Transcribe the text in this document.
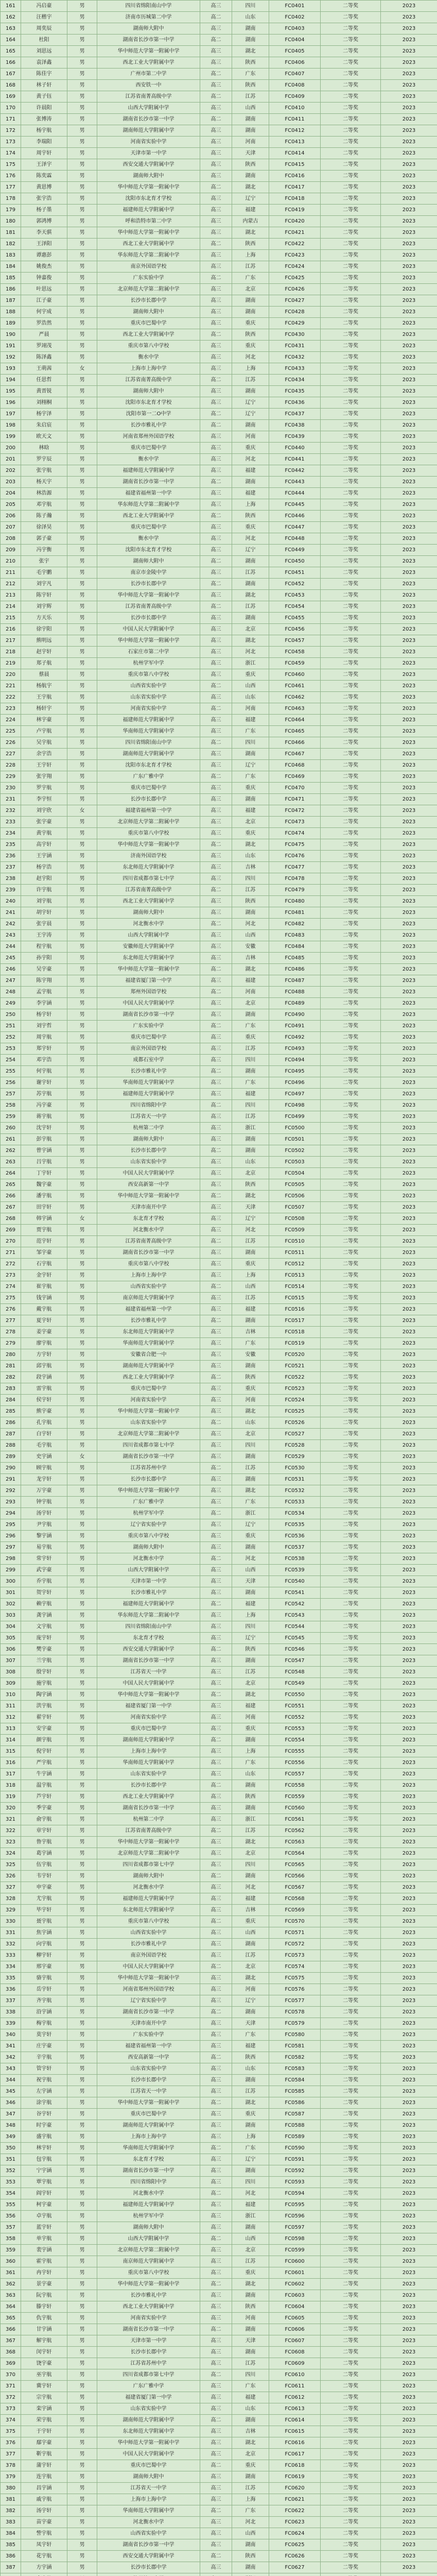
161	冯启豪	男	四川省绵阳南山中学	高三	四川	FC0401	二等奖	2023
162	汪楷宇	男	济南市历城第二中学	高二	山东	FC0402	二等奖	2023
163	周奕辰	男	湖南师大附中	高三	湖南	FC0403	二等奖	2023
164	杜阳	男	湖南省长沙市第一中学	高二	湖南	FC0404	二等奖	2023
165	刘思远	男	华中师范大学第一附属中学	高三	湖北	FC0405	二等奖	2023
166	袁泽鑫	男	西北工业大学附属中学	高三	陕西	FC0406	二等奖	2023
167	陈佳宇	男	广州市第二中学	高二	广东	FC0407	二等奖	2023
168	林子轩	男	西安铁一中	高三	陕西	FC0408	二等奖	2023
169	黄子钰	男	江苏省南菁高级中学	高二	江苏	FC0409	二等奖	2023
170	许晨阳	男	山西大学附属中学	高三	山西	FC0410	二等奖	2023
171	张博涛	男	湖南省长沙市第一中学	高二	湖南	FC0411	二等奖	2023
172	杨宇航	男	湖南师范大学附属中学	高三	湖南	FC0412	二等奖	2023
173	李瑞阳	男	河南省实验中学	高三	河南	FC0413	二等奖	2023
174	周宇轩	男	天津市第一中学	高三	天津	FC0414	二等奖	2023
175	王泽宇	男	西安交通大学附属中学	高三	陕西	FC0415	二等奖	2023
176	陈奕霖	男	湖南师大附中	高三	湖南	FC0416	二等奖	2023
177	黄思博	男	华中师范大学第一附属中学	高二	湖北	FC0417	二等奖	2023
178	张宇浩	男	沈阳市东北育才学校	高三	辽宁	FC0418	二等奖	2023
179	杨子墨	男	福建师范大学附属中学	高三	福建	FC0419	二等奖	2023
180	郭鸿博	男	呼和浩特市第二中学	高三	内蒙古	FC0420	二等奖	2023
181	李天骐	男	华中师范大学第一附属中学	高三	湖北	FC0421	二等奖	2023
182	王泽阳	男	西北工业大学附属中学	高二	陕西	FC0422	二等奖	2023
183	谭惠彭	男	华东师范大学第二附属中学	高三	上海	FC0423	二等奖	2023
184	姚俊杰	男	南京外国语学校	高三	江苏	FC0424	二等奖	2023
185	钟嘉俊	男	广东实验中学	高二	广东	FC0425	二等奖	2023
186	叶思远	男	北京师范大学第二附属中学	高三	北京	FC0426	二等奖	2023
187	江子豪	男	长沙市长郡中学	高三	湖南	FC0427	二等奖	2023
188	何宇成	男	湖南师大附中	高三	湖南	FC0428	二等奖	2023
189	罗浩然	男	重庆市巴蜀中学	高三	重庆	FC0429	二等奖	2023
190	严晨	男	西北工业大学附属中学	高二	陕西	FC0430	二等奖	2023
191	罗翊茂	男	重庆市第八中学校	高三	重庆	FC0431	二等奖	2023
192	陈泽鑫	男	衡水中学	高三	河北	FC0432	二等奖	2023
193	王萌茜	女	上海市上海中学	高三	上海	FC0433	二等奖	2023
194	任思哲	男	江苏省南菁高级中学	高二	江苏	FC0434	二等奖	2023
195	黄晋锐	男	湖南师大附中	高三	湖南	FC0435	二等奖	2023
196	刘栩桐	男	沈阳市东北育才学校	高三	辽宁	FC0436	二等奖	2023
197	杨宇泽	男	沈阳市第一二O中学	高二	辽宁	FC0437	二等奖	2023
198	朱启宸	男	长沙市雅礼中学	高二	湖南	FC0438	二等奖	2023
199	欧天文	男	河南省郑州外国语学校	高三	河南	FC0439	二等奖	2023
200	林晗	男	重庆市巴蜀中学	高三	重庆	FC0440	二等奖	2023
201	罗宇辰	男	衡水中学	高三	河北	FC0441	二等奖	2023
202	张宇航	男	福建师范大学附属中学	高三	福建	FC0442	二等奖	2023
203	杨天宇	男	湖南省长沙市第一中学	高二	湖南	FC0443	二等奖	2023
204	林浩源	男	福建省福州第一中学	高三	福建	FC0444	二等奖	2023
205	邓宇航	男	华东师范大学第二附属中学	高三	上海	FC0445	二等奖	2023
206	陈子瀚	男	西北工业大学附属中学	高二	陕西	FC0446	二等奖	2023
207	徐泽昊	男	重庆市巴蜀中学	高三	重庆	FC0447	二等奖	2023
208	郭子豪	男	衡水中学	高三	河北	FC0448	二等奖	2023
209	冯宇衡	男	沈阳市东北育才学校	高三	辽宁	FC0449	二等奖	2023
210	张宇	男	湖南师大附中	高二	湖南	FC0450	二等奖	2023
211	毛宇鹏	男	南京市金陵中学	高三	江苏	FC0451	二等奖	2023
212	刘宇凡	男	长沙市长郡中学	高二	湖南	FC0452	二等奖	2023
213	陈宇轩	男	华中师范大学第一附属中学	高三	湖北	FC0453	二等奖	2023
214	刘宇辉	男	江苏省南菁高级中学	高二	江苏	FC0454	二等奖	2023
215	方天乐	男	长沙市长郡中学	高三	湖南	FC0455	二等奖	2023
216	徐宇阳	男	中国人民大学附属中学	高三	北京	FC0456	二等奖	2023
217	熊明远	男	华中师范大学第一附属中学	高三	湖北	FC0457	二等奖	2023
218	赵宇轩	男	石家庄市第二中学	高三	河北	FC0458	二等奖	2023
219	郑子航	男	杭州学军中学	高三	浙江	FC0459	二等奖	2023
220	蔡晨	男	重庆市第八中学校	高三	重庆	FC0460	二等奖	2023
221	杨航宇	男	山西省实验中学	高二	山西	FC0461	二等奖	2023
222	王宇航	男	山东省实验中学	高三	山东	FC0462	二等奖	2023
223	杨轩宇	男	河南省实验中学	高二	河南	FC0463	二等奖	2023
224	林宇豪	男	福建师范大学附属中学	高三	福建	FC0464	二等奖	2023
225	卢宇航	男	华南师范大学附属中学	高三	广东	FC0465	二等奖	2023
226	吴宇航	男	四川省绵阳南山中学	高二	四川	FC0466	二等奖	2023
227	余宇浩	男	湖南师范大学附属中学	高三	湖南	FC0467	二等奖	2023
228	王宇轩	男	沈阳市东北育才学校	高三	辽宁	FC0468	二等奖	2023
229	张宇翔	男	广东广雅中学	高二	广东	FC0469	二等奖	2023
230	罗宇航	男	重庆市巴蜀中学	高三	重庆	FC0470	二等奖	2023
231	李宇恒	男	长沙市长郡中学	高三	湖南	FC0471	二等奖	2023
232	刘宇欣	女	福建省福州第一中学	高三	福建	FC0472	二等奖	2023
233	张宇豪	男	北京师范大学第二附属中学	高三	北京	FC0473	二等奖	2023
234	黄宇航	男	重庆市第八中学校	高三	重庆	FC0474	二等奖	2023
235	高宇轩	男	华中师范大学第一附属中学	高二	湖北	FC0475	二等奖	2023
236	王宇涵	男	济南外国语学校	高三	山东	FC0476	二等奖	2023
237	杨宇浩	男	东北师范大学附属中学	高三	吉林	FC0477	二等奖	2023
238	赵宇阳	男	四川省成都市第七中学	高三	四川	FC0478	二等奖	2023
239	许宇航	男	江苏省南菁高级中学	高二	江苏	FC0479	二等奖	2023
240	刘宇航	男	西北工业大学附属中学	高三	陕西	FC0480	二等奖	2023
241	胡宇轩	男	湖南师大附中	高三	湖南	FC0481	二等奖	2023
242	张宇晨	男	河北衡水中学	高二	河北	FC0482	二等奖	2023
243	王宇涛	男	山西大学附属中学	高三	山西	FC0483	二等奖	2023
244	程宇航	男	安徽师范大学附属中学	高三	安徽	FC0484	二等奖	2023
245	孙宇阳	男	东北师范大学附属中学	高三	吉林	FC0485	二等奖	2023
246	吴宇豪	男	华中师范大学第一附属中学	高二	湖北	FC0486	二等奖	2023
247	陈宇翔	男	福建省厦门第一中学	高三	福建	FC0487	二等奖	2023
248	孟宇航	男	郑州外国语学校	高二	河南	FC0488	二等奖	2023
249	李宇涵	男	中国人民大学附属中学	高三	北京	FC0489	二等奖	2023
250	杨宇轩	男	湖南省长沙市第一中学	高三	湖南	FC0490	二等奖	2023
251	刘宇哲	男	广东实验中学	高二	广东	FC0491	二等奖	2023
252	周宇航	男	重庆市巴蜀中学	高三	重庆	FC0492	二等奖	2023
253	郑宇轩	男	南京外国语学校	高三	江苏	FC0493	二等奖	2023
254	邓宇浩	男	成都石室中学	高三	四川	FC0494	二等奖	2023
255	何宇航	男	长沙市雅礼中学	高二	湖南	FC0495	二等奖	2023
256	谢宇轩	男	华南师范大学附属中学	高三	广东	FC0496	二等奖	2023
257	苏宇航	男	福建师范大学附属中学	高三	福建	FC0497	二等奖	2023
258	冯宇豪	男	四川省绵阳中学	高二	四川	FC0498	二等奖	2023
259	蒋宇航	男	江苏省天一中学	高三	江苏	FC0499	二等奖	2023
260	沈宇轩	男	杭州第二中学	高三	浙江	FC0500	二等奖	2023
261	彭宇航	男	湖南师大附中	高三	湖南	FC0501	二等奖	2023
262	曾宇涵	男	长沙市长郡中学	高二	湖南	FC0502	二等奖	2023
263	吕宇航	男	山东省实验中学	高三	山东	FC0503	二等奖	2023
264	丁宇轩	男	中国人民大学附属中学	高三	北京	FC0504	二等奖	2023
265	魏宇豪	男	西安高新第一中学	高三	陕西	FC0505	二等奖	2023
266	潘宇航	男	华中师范大学第一附属中学	高二	湖北	FC0506	二等奖	2023
267	田宇轩	男	天津市南开中学	高三	天津	FC0507	二等奖	2023
268	韩宇涵	女	东北育才学校	高三	辽宁	FC0508	二等奖	2023
269	贾宇航	男	河北衡水中学	高三	河北	FC0509	二等奖	2023
270	范宇轩	男	江苏省南菁高级中学	高二	江苏	FC0510	二等奖	2023
271	邹宇豪	男	湖南省长沙市第一中学	高三	湖南	FC0511	二等奖	2023
272	石宇航	男	重庆市第八中学校	高三	重庆	FC0512	二等奖	2023
273	金宇轩	男	上海市上海中学	高三	上海	FC0513	二等奖	2023
274	崔宇航	男	山西省实验中学	高二	山西	FC0514	二等奖	2023
275	钱宇涵	男	南京师范大学附属中学	高三	江苏	FC0515	二等奖	2023
276	戴宇航	男	福建省福州第一中学	高三	福建	FC0516	二等奖	2023
277	夏宇轩	男	长沙市雅礼中学	高二	湖南	FC0517	二等奖	2023
278	姜宇豪	男	东北师范大学附属中学	高三	吉林	FC0518	二等奖	2023
279	廖宇航	男	华南师范大学附属中学	高三	广东	FC0519	二等奖	2023
280	方宇轩	男	安徽省合肥一中	高三	安徽	FC0520	二等奖	2023
281	邱宇航	男	湖南师范大学附属中学	高三	湖南	FC0521	二等奖	2023
282	段宇涵	男	西北工业大学附属中学	高二	陕西	FC0522	二等奖	2023
283	雷宇航	男	重庆市巴蜀中学	高三	重庆	FC0523	二等奖	2023
284	侯宇轩	男	河南省实验中学	高三	河南	FC0524	二等奖	2023
285	熊宇豪	男	华中师范大学第一附属中学	高三	湖北	FC0525	二等奖	2023
286	孔宇航	男	山东省实验中学	高二	山东	FC0526	二等奖	2023
287	白宇轩	男	北京师范大学第二附属中学	高三	北京	FC0527	二等奖	2023
288	毛宇航	男	四川省成都市第七中学	高三	四川	FC0528	二等奖	2023
289	史宇涵	女	湖南省长沙市第一中学	高三	湖南	FC0529	二等奖	2023
290	顾宇航	男	江苏省苏州中学	高二	江苏	FC0530	二等奖	2023
291	龙宇轩	男	长沙市长郡中学	高三	湖南	FC0531	二等奖	2023
292	万宇豪	男	华中师范大学第一附属中学	高三	湖北	FC0532	二等奖	2023
293	钟宇航	男	广东广雅中学	高三	广东	FC0533	二等奖	2023
294	汤宇轩	男	杭州学军中学	高二	浙江	FC0534	二等奖	2023
295	尹宇航	男	辽宁省实验中学	高三	辽宁	FC0535	二等奖	2023
296	黎宇涵	男	重庆市第八中学校	高三	重庆	FC0536	二等奖	2023
297	易宇航	男	湖南师大附中	高三	湖南	FC0537	二等奖	2023
298	常宇轩	男	河北衡水中学	高二	河北	FC0538	二等奖	2023
299	武宇豪	男	山西大学附属中学	高三	山西	FC0539	二等奖	2023
300	乔宇航	男	天津市第一中学	高三	天津	FC0540	二等奖	2023
301	贺宇轩	男	长沙市雅礼中学	高三	湖南	FC0541	二等奖	2023
302	赖宇航	男	福建师范大学附属中学	高二	福建	FC0542	二等奖	2023
303	龚宇涵	男	华东师范大学第二附属中学	高三	上海	FC0543	二等奖	2023
304	文宇航	男	四川省绵阳南山中学	高三	四川	FC0544	二等奖	2023
305	庞宇轩	男	东北育才学校	高三	辽宁	FC0545	二等奖	2023
306	樊宇豪	男	西安交通大学附属中学	高二	陕西	FC0546	二等奖	2023
307	兰宇航	男	湖南省长沙市第一中学	高三	湖南	FC0547	二等奖	2023
308	殷宇轩	男	江苏省天一中学	高三	江苏	FC0548	二等奖	2023
309	施宇航	男	中国人民大学附属中学	高三	北京	FC0549	二等奖	2023
310	陶宇涵	男	华中师范大学第一附属中学	高二	湖北	FC0550	二等奖	2023
311	洪宇航	男	福建省厦门第一中学	高三	福建	FC0551	二等奖	2023
312	翟宇轩	男	河南省实验中学	高三	河南	FC0552	二等奖	2023
313	安宇豪	男	重庆市巴蜀中学	高三	重庆	FC0553	二等奖	2023
314	颜宇航	男	湖南师范大学附属中学	高二	湖南	FC0554	二等奖	2023
315	倪宇轩	男	上海市上海中学	高三	上海	FC0555	二等奖	2023
316	严宇航	男	华南师范大学附属中学	高三	广东	FC0556	二等奖	2023
317	牛宇涵	男	山东省实验中学	高三	山东	FC0557	二等奖	2023
318	温宇航	男	长沙市长郡中学	高二	湖南	FC0558	二等奖	2023
319	芦宇轩	男	西北工业大学附属中学	高三	陕西	FC0559	二等奖	2023
320	季宇豪	男	湖南省长沙市第一中学	高三	湖南	FC0560	二等奖	2023
321	俞宇航	男	杭州第二中学	高三	浙江	FC0561	二等奖	2023
322	章宇轩	男	江苏省南菁高级中学	高二	江苏	FC0562	二等奖	2023
323	鲁宇航	男	华中师范大学第一附属中学	高三	湖北	FC0563	二等奖	2023
324	葛宇涵	男	北京师范大学第二附属中学	高三	北京	FC0564	二等奖	2023
325	伍宇航	男	四川省成都市第七中学	高三	四川	FC0565	二等奖	2023
326	韦宇轩	男	湖南师大附中	高二	湖南	FC0566	二等奖	2023
327	申宇豪	男	河北衡水中学	高三	河北	FC0567	二等奖	2023
328	尤宇航	男	福建师范大学附属中学	高三	福建	FC0568	二等奖	2023
329	毕宇轩	男	东北师范大学附属中学	高三	吉林	FC0569	二等奖	2023
330	聂宇航	男	重庆市第八中学校	高二	重庆	FC0570	二等奖	2023
331	焦宇涵	男	山西省实验中学	高三	山西	FC0571	二等奖	2023
332	向宇航	男	长沙市雅礼中学	高三	湖南	FC0572	二等奖	2023
333	柳宇轩	男	南京外国语学校	高三	江苏	FC0573	二等奖	2023
334	邢宇豪	男	中国人民大学附属中学	高二	北京	FC0574	二等奖	2023
335	骆宇航	男	华中师范大学第一附属中学	高三	湖北	FC0575	二等奖	2023
336	岳宇轩	男	河南省郑州外国语学校	高三	河南	FC0576	二等奖	2023
337	齐宇航	男	辽宁省实验中学	高三	辽宁	FC0577	二等奖	2023
338	沿宇涵	男	湖南省长沙市第一中学	高二	湖南	FC0578	二等奖	2023
339	梅宇航	男	天津市南开中学	高三	天津	FC0579	二等奖	2023
340	莫宇轩	男	广东实验中学	高三	广东	FC0580	二等奖	2023
341	庄宇豪	男	福建省福州第一中学	高三	福建	FC0581	二等奖	2023
342	辛宇航	男	西安高新第一中学	高二	陕西	FC0582	二等奖	2023
343	管宇轩	男	山东省实验中学	高三	山东	FC0583	二等奖	2023
344	祝宇航	男	长沙市长郡中学	高三	湖南	FC0584	二等奖	2023
345	左宇涵	男	江苏省天一中学	高三	江苏	FC0585	二等奖	2023
346	涂宇航	男	华中师范大学第一附属中学	高二	湖北	FC0586	二等奖	2023
347	谷宇轩	男	重庆市巴蜀中学	高三	重庆	FC0587	二等奖	2023
348	时宇豪	男	湖南师范大学附属中学	高三	湖南	FC0588	二等奖	2023
349	盛宇航	男	上海市上海中学	高三	上海	FC0589	二等奖	2023
350	林宇轩	男	华南师范大学附属中学	高二	广东	FC0590	二等奖	2023
351	包宇航	男	东北育才学校	高三	辽宁	FC0591	二等奖	2023
352	宁宇涵	男	湖南省长沙市第一中学	高三	湖南	FC0592	二等奖	2023
353	覃宇航	男	四川省绵阳中学	高三	四川	FC0593	二等奖	2023
354	阎宇轩	男	河北衡水中学	高二	河北	FC0594	二等奖	2023
355	柯宇豪	男	福建师范大学附属中学	高三	福建	FC0595	二等奖	2023
356	卓宇航	男	杭州学军中学	高三	浙江	FC0596	二等奖	2023
357	蓝宇轩	男	湖南师大附中	高三	湖南	FC0597	二等奖	2023
358	单宇航	男	山西大学附属中学	高二	山西	FC0598	二等奖	2023
359	裴宇涵	男	北京师范大学第二附属中学	高三	北京	FC0599	二等奖	2023
360	霍宇航	男	南京师范大学附属中学	高三	江苏	FC0600	二等奖	2023
361	冉宇轩	男	重庆市第八中学校	高三	重庆	FC0601	二等奖	2023
362	景宇豪	男	华中师范大学第一附属中学	高二	湖北	FC0602	二等奖	2023
363	阮宇航	男	长沙市雅礼中学	高三	湖南	FC0603	二等奖	2023
364	滕宇轩	男	西北工业大学附属中学	高三	陕西	FC0604	二等奖	2023
365	仇宇航	男	河南省实验中学	高三	河南	FC0605	二等奖	2023
366	甘宇涵	男	湖南省长沙市第一中学	高二	湖南	FC0606	二等奖	2023
367	解宇航	男	天津市第一中学	高三	天津	FC0607	二等奖	2023
368	闵宇轩	男	长沙市长郡中学	高三	湖南	FC0608	二等奖	2023
369	饶宇豪	男	江苏省苏州中学	高三	江苏	FC0609	二等奖	2023
370	巫宇航	男	四川省成都市第七中学	高二	四川	FC0610	二等奖	2023
371	冀宇轩	男	广东广雅中学	高三	广东	FC0611	二等奖	2023
372	宗宇航	男	福建省厦门第一中学	高三	福建	FC0612	二等奖	2023
373	栾宇涵	男	山东省实验中学	高三	山东	FC0613	二等奖	2023
374	荣宇航	男	湖南师范大学附属中学	高二	湖南	FC0614	二等奖	2023
375	于宇轩	男	东北师范大学附属中学	高三	吉林	FC0615	二等奖	2023
376	鄢宇豪	男	华中师范大学第一附属中学	高三	湖北	FC0616	二等奖	2023
377	靳宇航	男	中国人民大学附属中学	高三	北京	FC0617	二等奖	2023
378	蒲宇轩	男	重庆市巴蜀中学	高二	重庆	FC0618	二等奖	2023
379	连宇航	男	湖南师大附中	高三	湖南	FC0619	二等奖	2023
380	昌宇涵	男	江苏省天一中学	高三	江苏	FC0620	二等奖	2023
381	戚宇航	男	上海市上海中学	高三	上海	FC0621	二等奖	2023
382	汤宇轩	男	华南师范大学附属中学	高二	广东	FC0622	二等奖	2023
383	苗宇豪	男	河北衡水中学	高三	河北	FC0623	二等奖	2023
384	訾宇航	男	山西省实验中学	高三	山西	FC0624	二等奖	2023
385	凤宇轩	男	湖南省长沙市第一中学	高三	湖南	FC0625	二等奖	2023
386	花宇航	男	西安交通大学附属中学	高二	陕西	FC0626	二等奖	2023
387	方宇涵	男	长沙市长郡中学	高三	湖南	FC0627	二等奖	2023
